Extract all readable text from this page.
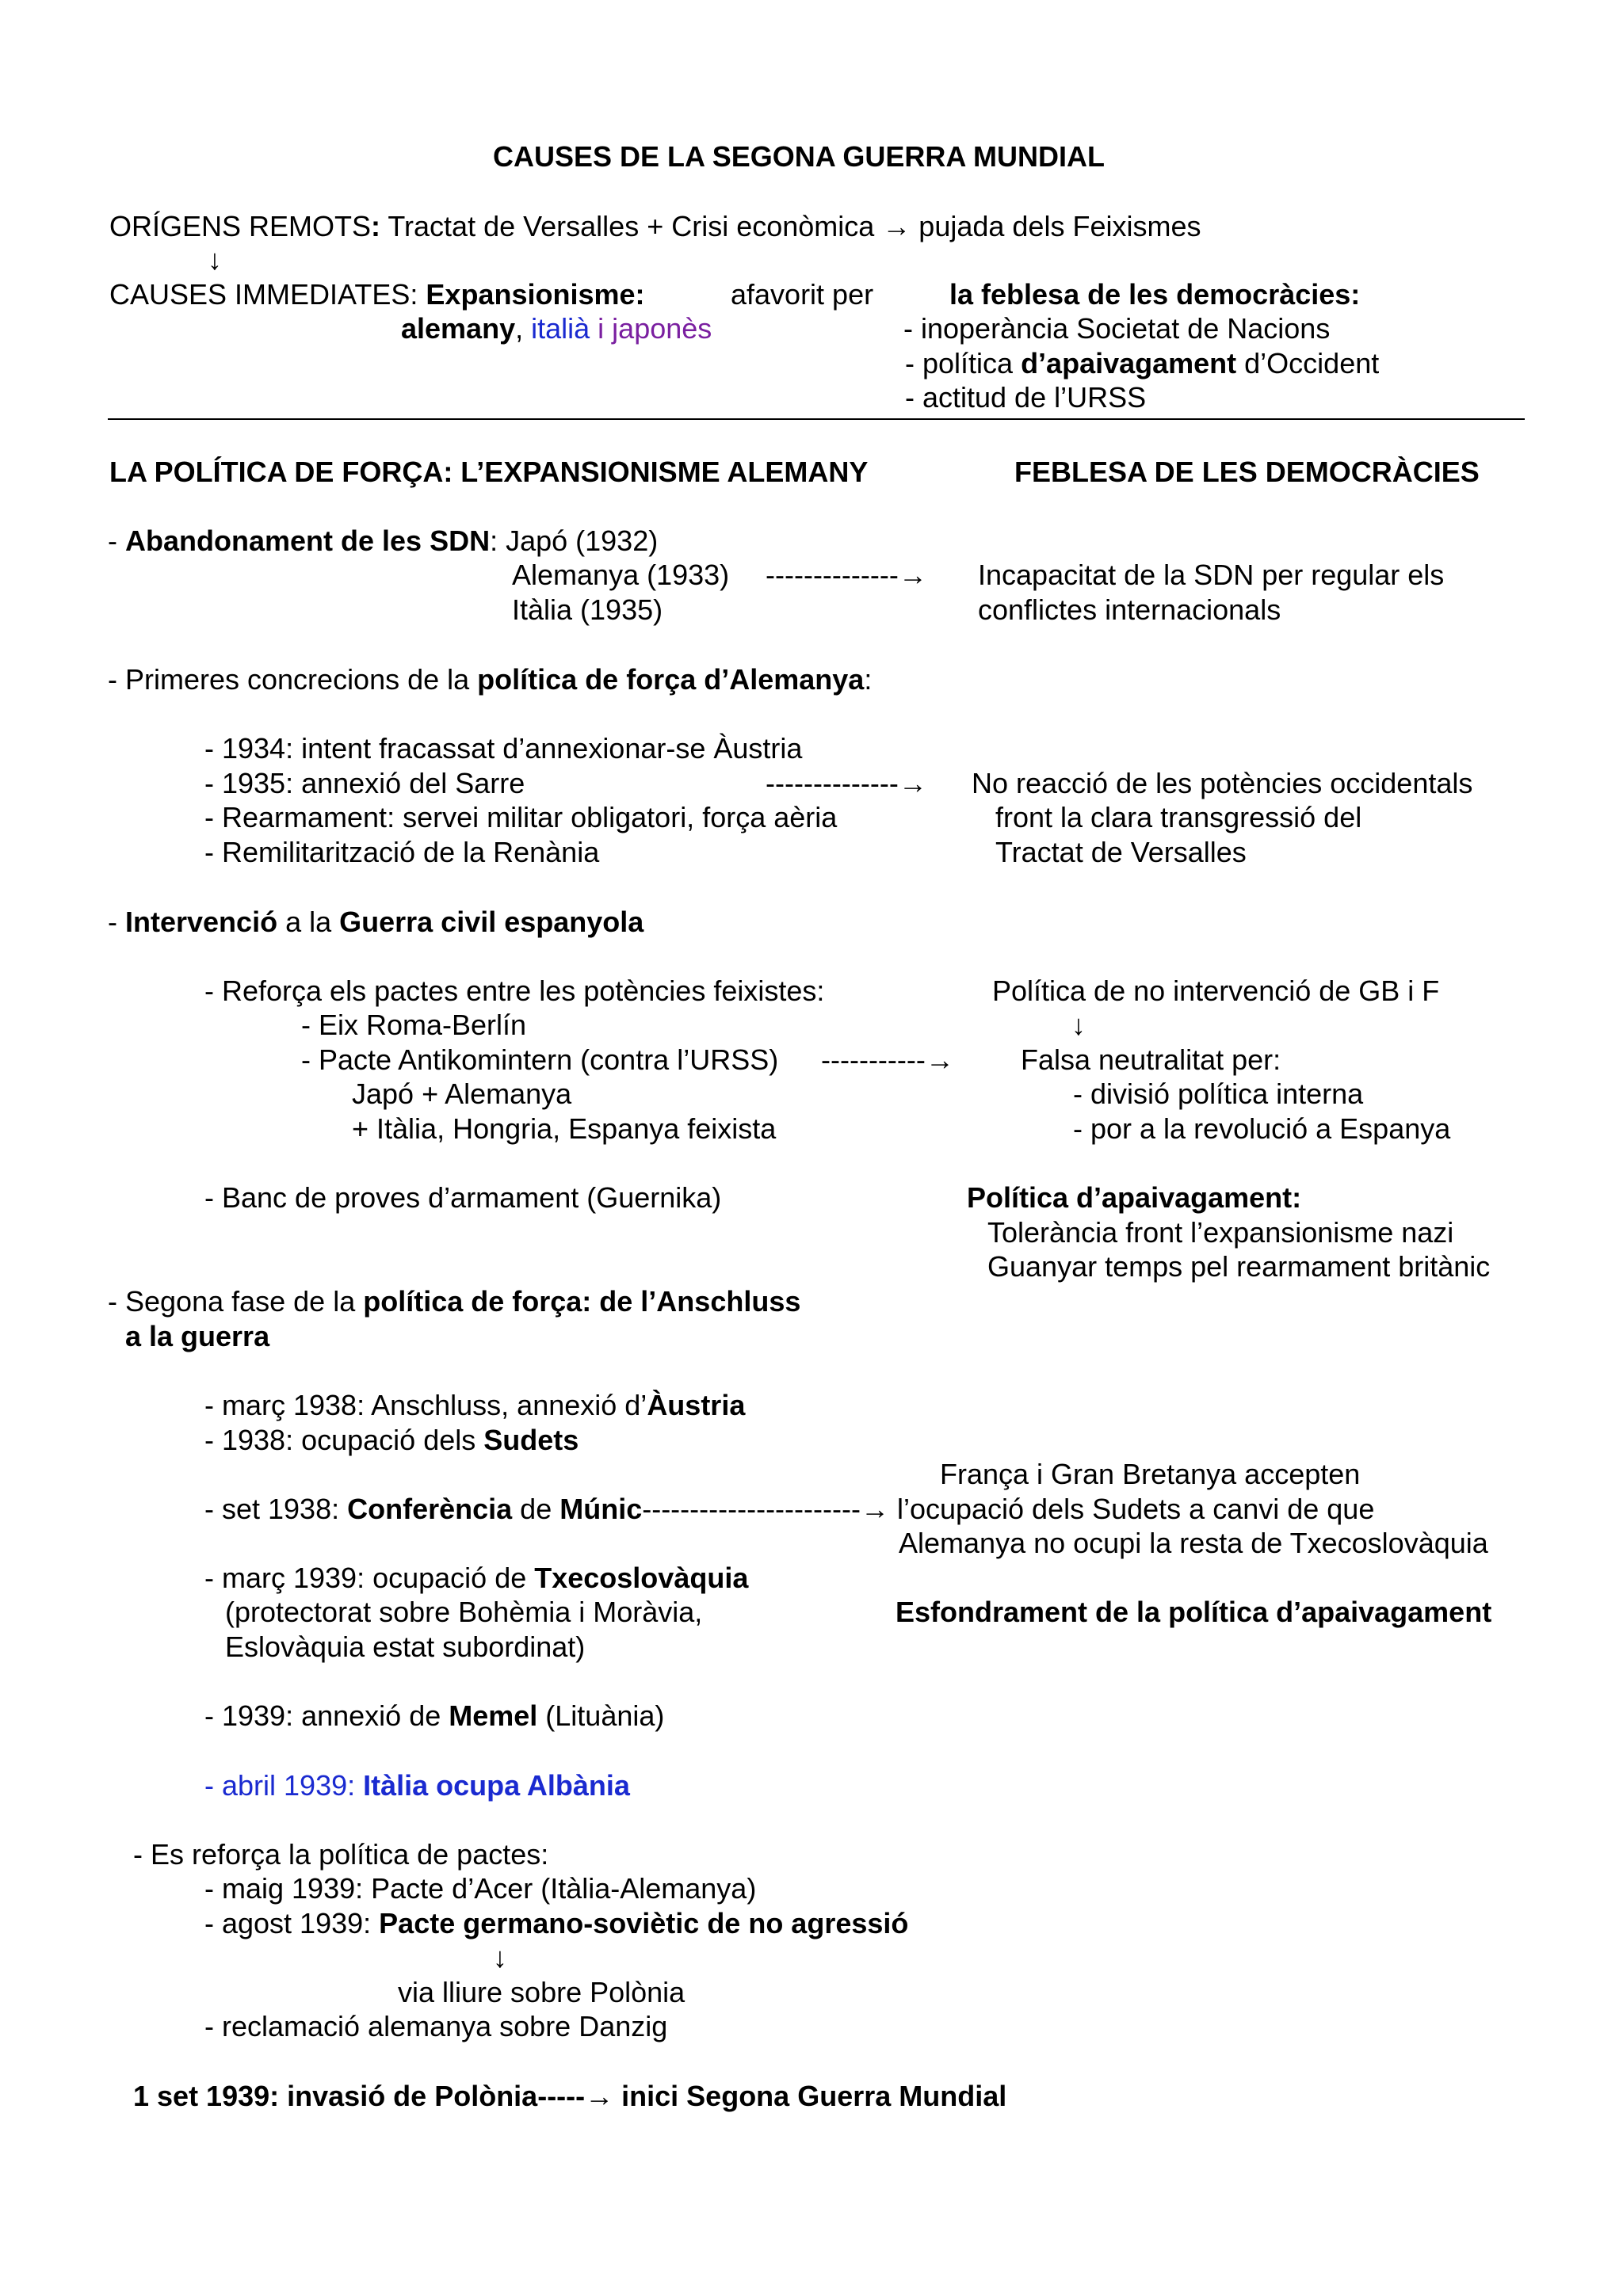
CAUSES DE LA SEGONA GUERRA MUNDIAL
ORÍGENS REMOTS: Tractat de Versalles + Crisi econòmica → pujada dels Feixismes
↓
CAUSES IMMEDIATES: Expansionisme:	afavorit per	la feblesa de les democràcies:
alemany, italià i japonès	- inoperància Societat de Nacions
- política d’apaivagament d’Occident
- actitud de l’URSS
LA POLÍTICA DE FORÇA: L’EXPANSIONISME ALEMANY	FEBLESA DE LES DEMOCRÀCIES
- Abandonament de les SDN: Japó (1932)
Alemanya (1933) --------------→ Incapacitat de la SDN per regular els
Itàlia (1935)	conflictes internacionals
- Primeres concrecions de la política de força d’Alemanya:
- 1934: intent fracassat d’annexionar-se Àustria
- 1935: annexió del Sarre	--------------→ No reacció de les potències occidentals
- Rearmament: servei militar obligatori, força aèria	front la clara transgressió del
- Remilitarització de la Renània	Tractat de Versalles
- Intervenció a la Guerra civil espanyola
- Reforça els pactes entre les potències feixistes:	Política de no intervenció de GB i F
- Eix Roma-Berlín	↓
- Pacte Antikomintern (contra l’URSS) -----------→ Falsa neutralitat per:
Japó + Alemanya	- divisió política interna
+ Itàlia, Hongria, Espanya feixista	- por a la revolució a Espanya
- Banc de proves d’armament (Guernika)	Política d’apaivagament:
Tolerància front l’expansionisme nazi
Guanyar temps pel rearmament britànic
- Segona fase de la política de força: de l’Anschluss
a la guerra
- març 1938: Anschluss, annexió d’Àustria
- 1938: ocupació dels Sudets
França i Gran Bretanya accepten
- set 1938: Conferència de Múnic-----------------------→ l’ocupació dels Sudets a canvi de que
Alemanya no ocupi la resta de Txecoslovàquia
- març 1939: ocupació de Txecoslovàquia
(protectorat sobre Bohèmia i Moràvia,	Esfondrament de la política d’apaivagament
Eslovàquia estat subordinat)
- 1939: annexió de Memel (Lituània)
- abril 1939: Itàlia ocupa Albània
- Es reforça la política de pactes:
- maig 1939: Pacte d’Acer (Itàlia-Alemanya)
- agost 1939: Pacte germano-soviètic de no agressió
↓
via lliure sobre Polònia
- reclamació alemanya sobre Danzig
1 set 1939: invasió de Polònia-----→ inici Segona Guerra Mundial
